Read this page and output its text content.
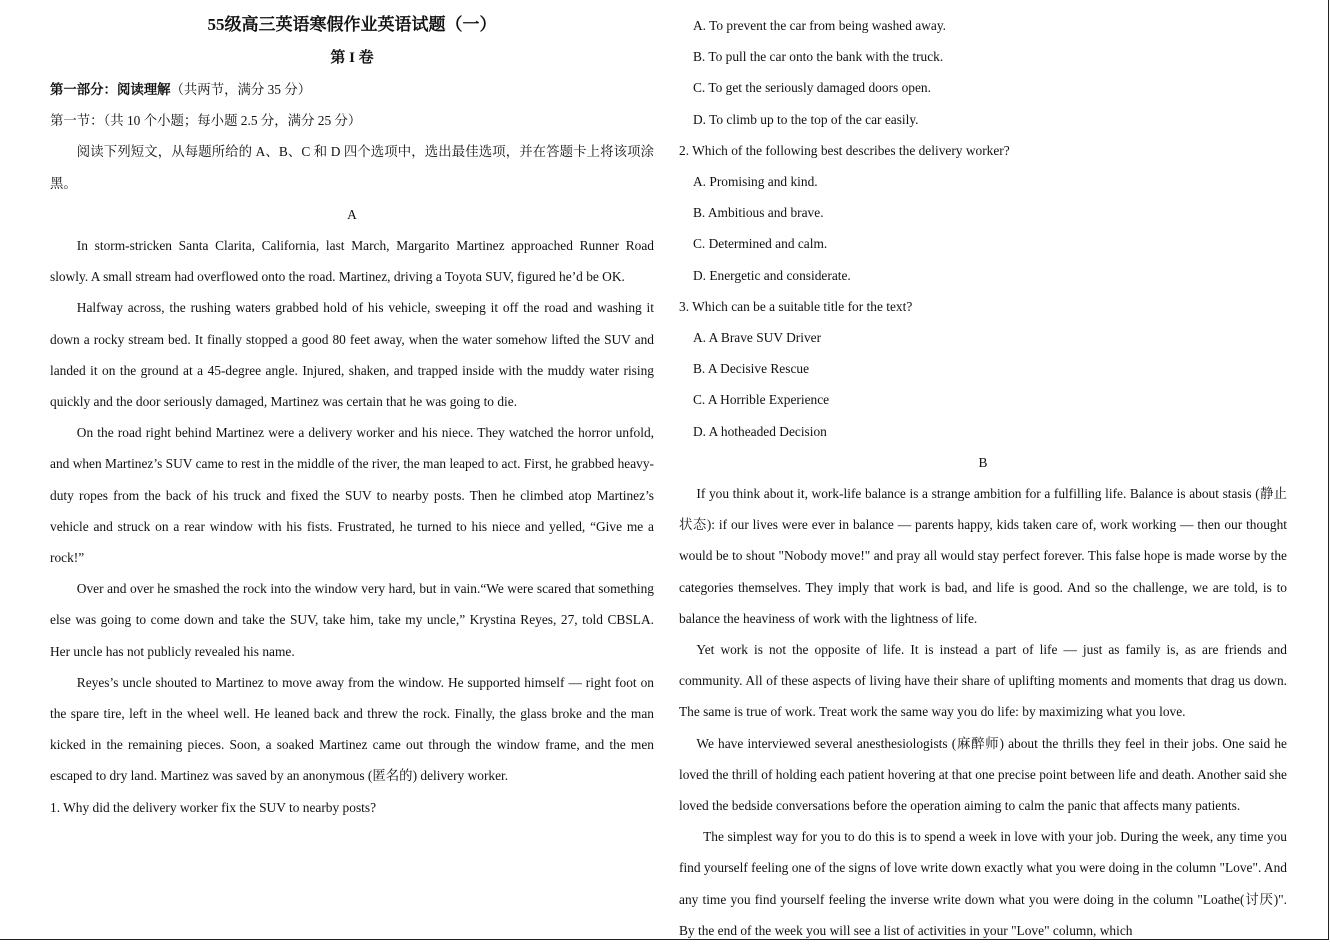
55级高三英语寒假作业英语试题（一）
第 I 卷
第一部分：阅读理解（共两节，满分 35 分）
第一节：（共 10 个小题；每小题 2.5 分，满分 25 分）

阅读下列短文，从每题所给的 A、B、C 和 D 四个选项中，选出最佳选项，并在答题卡上将该项涂黑。

A

In storm-stricken Santa Clarita, California, last March, Margarito Martinez approached Runner Road slowly. A small stream had overflowed onto the road. Martinez, driving a Toyota SUV, figured he’d be OK.

Halfway across, the rushing waters grabbed hold of his vehicle, sweeping it off the road and washing it down a rocky stream bed. It finally stopped a good 80 feet away, when the water somehow lifted the SUV and landed it on the ground at a 45-degree angle. Injured, shaken, and trapped inside with the muddy water rising quickly and the door seriously damaged, Martinez was certain that he was going to die.

On the road right behind Martinez were a delivery worker and his niece. They watched the horror unfold, and when Martinez’s SUV came to rest in the middle of the river, the man leaped to act. First, he grabbed heavy-duty ropes from the back of his truck and fixed the SUV to nearby posts. Then he climbed atop Martinez’s vehicle and struck on a rear window with his fists. Frustrated, he turned to his niece and yelled, “Give me a rock!”

Over and over he smashed the rock into the window very hard, but in vain.“We were scared that something else was going to come down and take the SUV, take him, take my uncle,” Krystina Reyes, 27, told CBSLA. Her uncle has not publicly revealed his name.

Reyes’s uncle shouted to Martinez to move away from the window. He supported himself — right foot on the spare tire, left in the wheel well. He leaned back and threw the rock. Finally, the glass broke and the man kicked in the remaining pieces. Soon, a soaked Martinez came out through the window frame, and the men escaped to dry land. Martinez was saved by an anonymous (匿名的) delivery worker.

1. Why did the delivery worker fix the SUV to nearby posts?
A. To prevent the car from being washed away.
B. To pull the car onto the bank with the truck.
C. To get the seriously damaged doors open.
D. To climb up to the top of the car easily.
2. Which of the following best describes the delivery worker?
A. Promising and kind.
B. Ambitious and brave.
C. Determined and calm.
D. Energetic and considerate.
3. Which can be a suitable title for the text?
A. A Brave SUV Driver
B. A Decisive Rescue
C. A Horrible Experience
D. A hotheaded Decision
B

If you think about it, work-life balance is a strange ambition for a fulfilling life. Balance is about stasis (静止状态): if our lives were ever in balance — parents happy, kids taken care of, work working — then our thought would be to shout "Nobody move!" and pray all would stay perfect forever. This false hope is made worse by the categories themselves. They imply that work is bad, and life is good. And so the challenge, we are told, is to balance the heaviness of work with the lightness of life.

Yet work is not the opposite of life. It is instead a part of life — just as family is, as are friends and community. All of these aspects of living have their share of uplifting moments and moments that drag us down. The same is true of work. Treat work the same way you do life: by maximizing what you love.

We have interviewed several anesthesiologists (麻醉师) about the thrills they feel in their jobs. One said he loved the thrill of holding each patient hovering at that one precise point between life and death. Another said she loved the bedside conversations before the operation aiming to calm the panic that affects many patients.

The simplest way for you to do this is to spend a week in love with your job. During the week, any time you find yourself feeling one of the signs of love write down exactly what you were doing in the column "Love". And any time you find yourself feeling the inverse write down what you were doing in the column "Loathe(讨厌)". By the end of the week you will see a list of activities in your "Love" column, which
